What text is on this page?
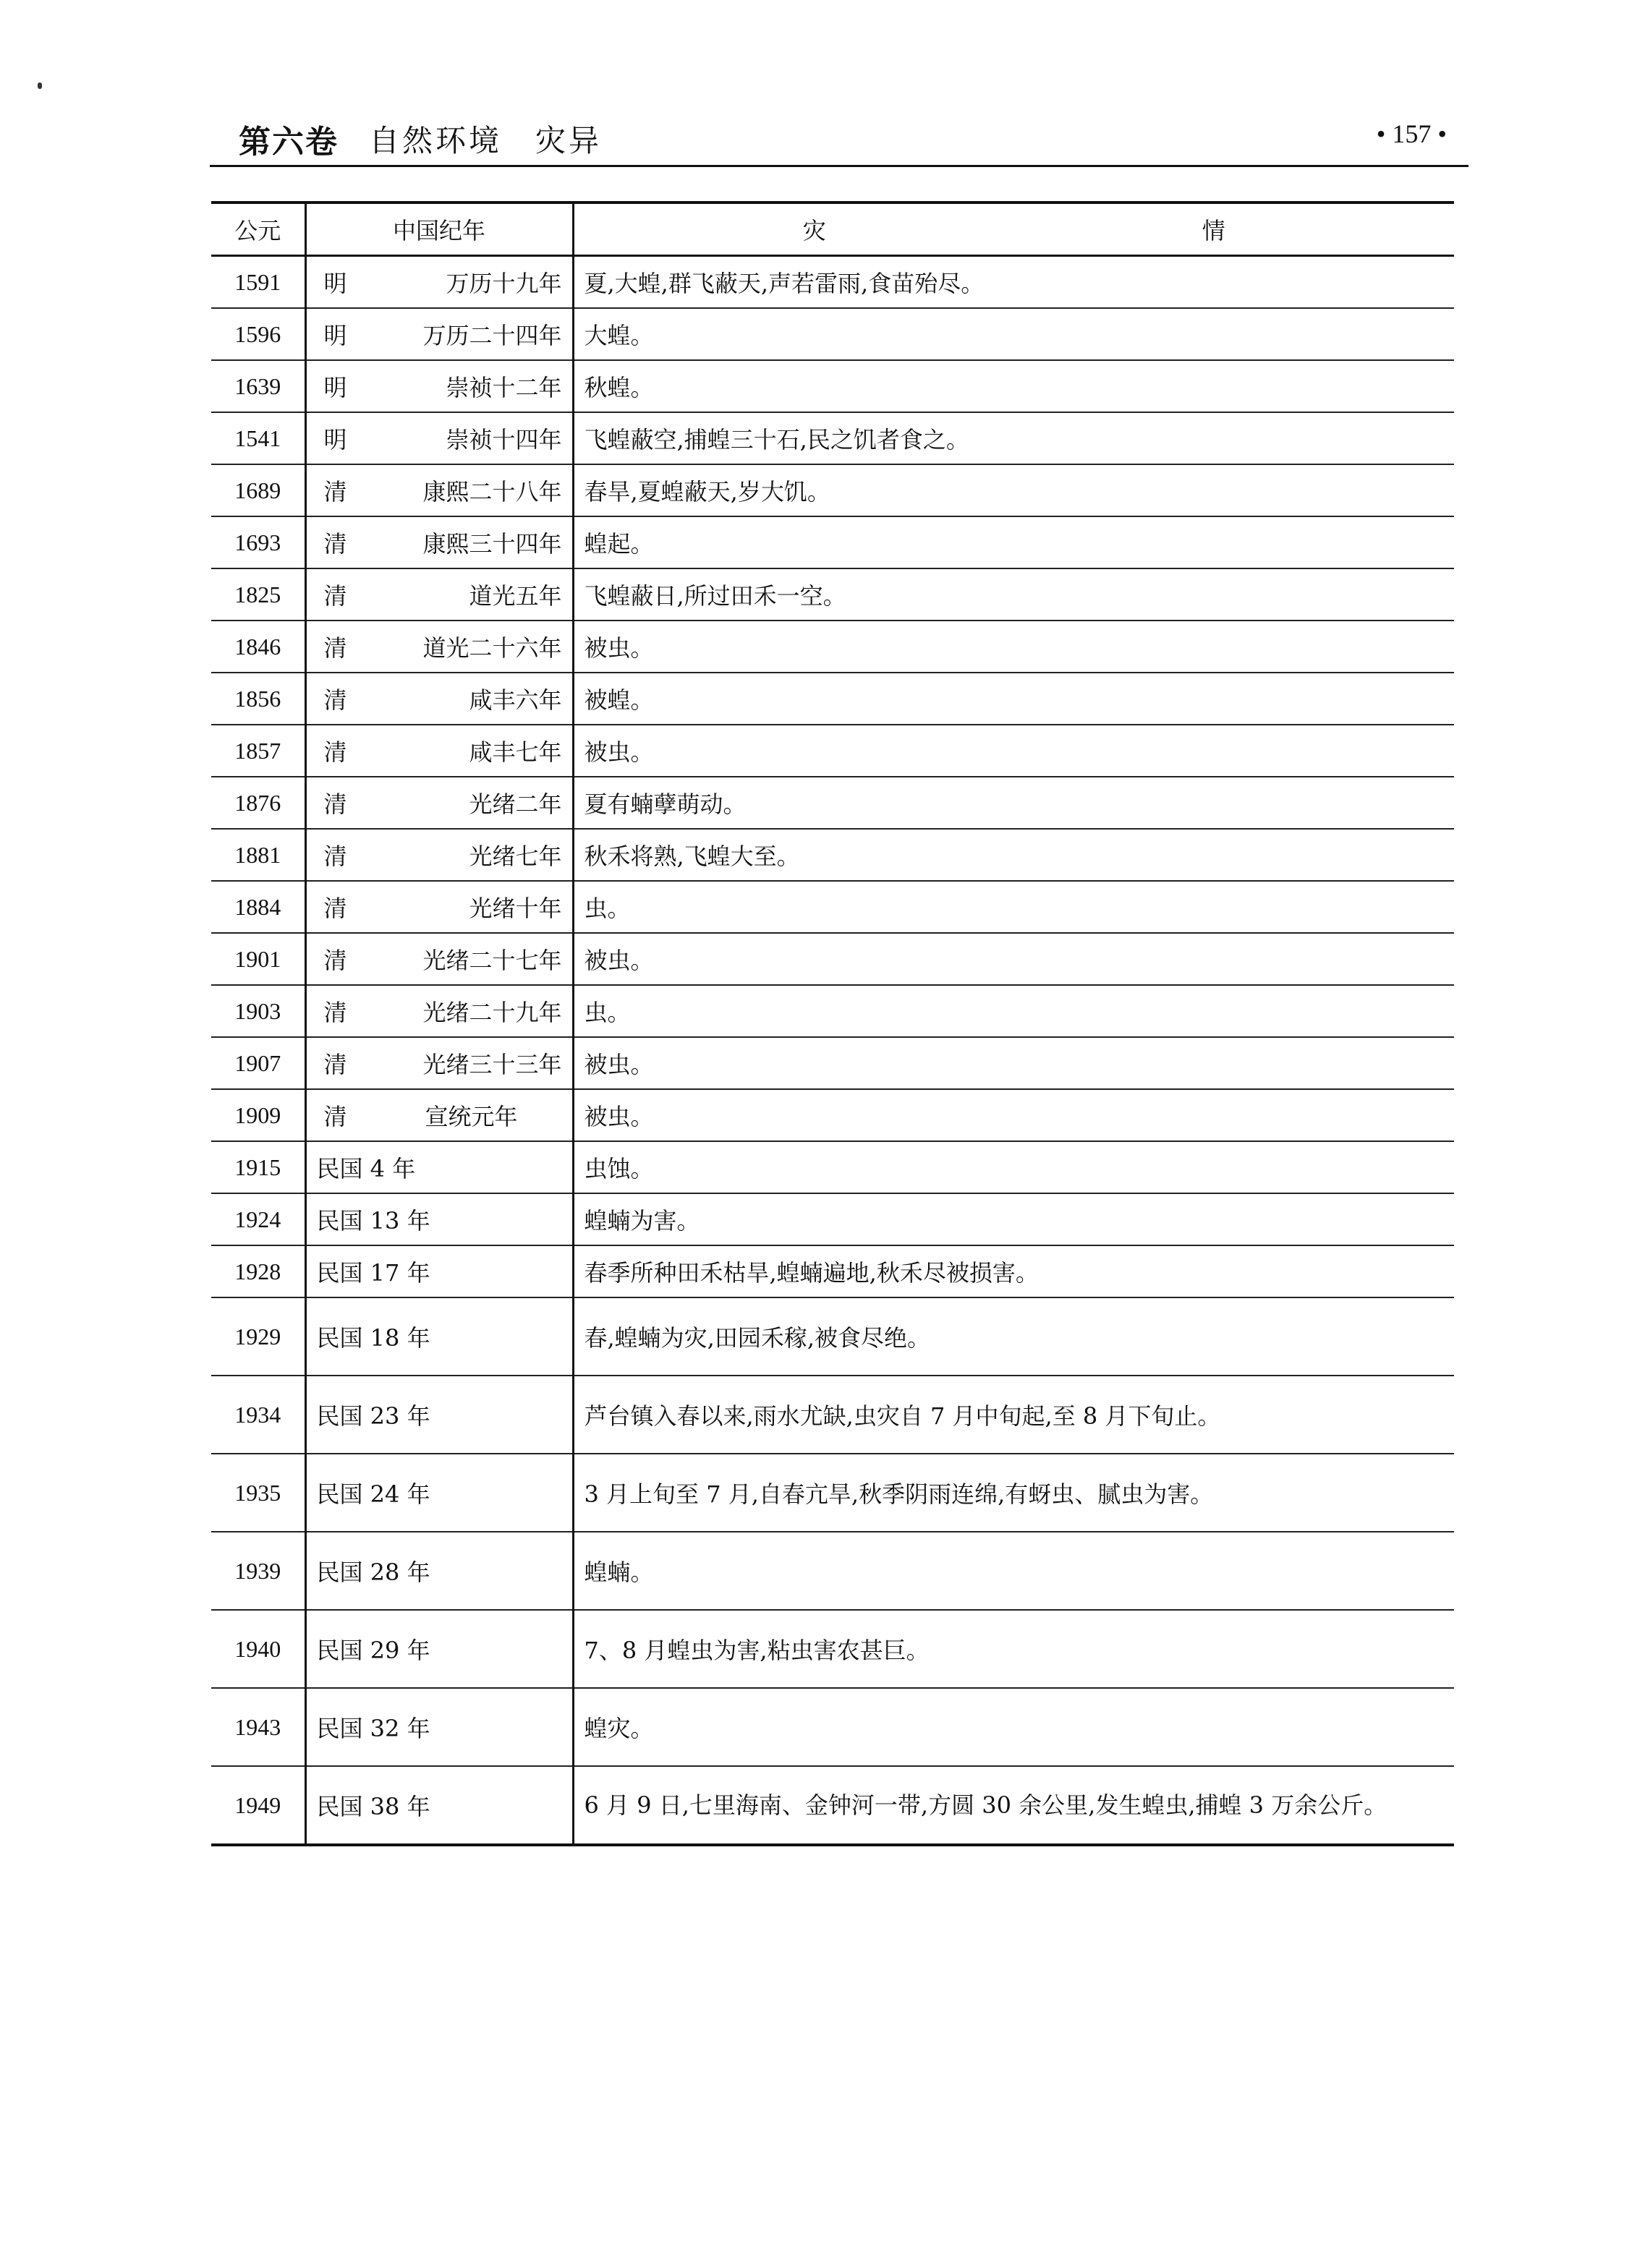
第六卷 自然环境　灾异	• 157 •
公元	中国纪年	灾 情
1591	明 万历十九年	夏,大蝗,群飞蔽天,声若雷雨,食苗殆尽。
1596	明 万历二十四年	大蝗。
1639	明 崇祯十二年	秋蝗。
1541	明 崇祯十四年	飞蝗蔽空,捕蝗三十石,民之饥者食之。
1689	清 康熙二十八年	春旱,夏蝗蔽天,岁大饥。
1693	清 康熙三十四年	蝗起。
1825	清 道光五年	飞蝗蔽日,所过田禾一空。
1846	清 道光二十六年	被虫。
1856	清 咸丰六年	被蝗。
1857	清 咸丰七年	被虫。
1876	清 光绪二年	夏有蝻孽萌动。
1881	清 光绪七年	秋禾将熟,飞蝗大至。
1884	清 光绪十年	虫。
1901	清 光绪二十七年	被虫。
1903	清 光绪二十九年	虫。
1907	清 光绪三十三年	被虫。
1909	清 宣统元年	被虫。
1915	民国 4 年	虫蚀。
1924	民国 13 年	蝗蝻为害。
1928	民国 17 年	春季所种田禾枯旱,蝗蝻遍地,秋禾尽被损害。
1929	民国 18 年	春,蝗蝻为灾,田园禾稼,被食尽绝。
1934	民国 23 年	芦台镇入春以来,雨水尤缺,虫灾自 7 月中旬起,至 8 月下旬止。
1935	民国 24 年	3 月上旬至 7 月,自春亢旱,秋季阴雨连绵,有蚜虫、腻虫为害。
1939	民国 28 年	蝗蝻。
1940	民国 29 年	7、8 月蝗虫为害,粘虫害农甚巨。
1943	民国 32 年	蝗灾。
1949	民国 38 年	6 月 9 日,七里海南、金钟河一带,方圆 30 余公里,发生蝗虫,捕蝗 3 万余公斤。
